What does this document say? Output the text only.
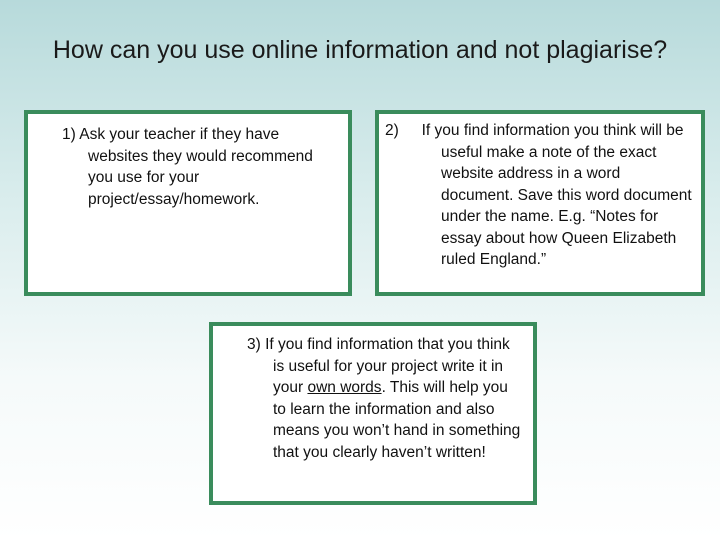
How can you use online information and not plagiarise?

1) Ask your teacher if they have websites they would recommend you use for your project/essay/homework.

2) If you find information you think will be useful make a note of the exact website address in a word document. Save this word document under the name. E.g. “Notes for essay about how Queen Elizabeth ruled England.”

3) If you find information that you think is useful for your project write it in your own words. This will help you to learn the information and also means you won’t hand in something that you clearly haven’t written!
